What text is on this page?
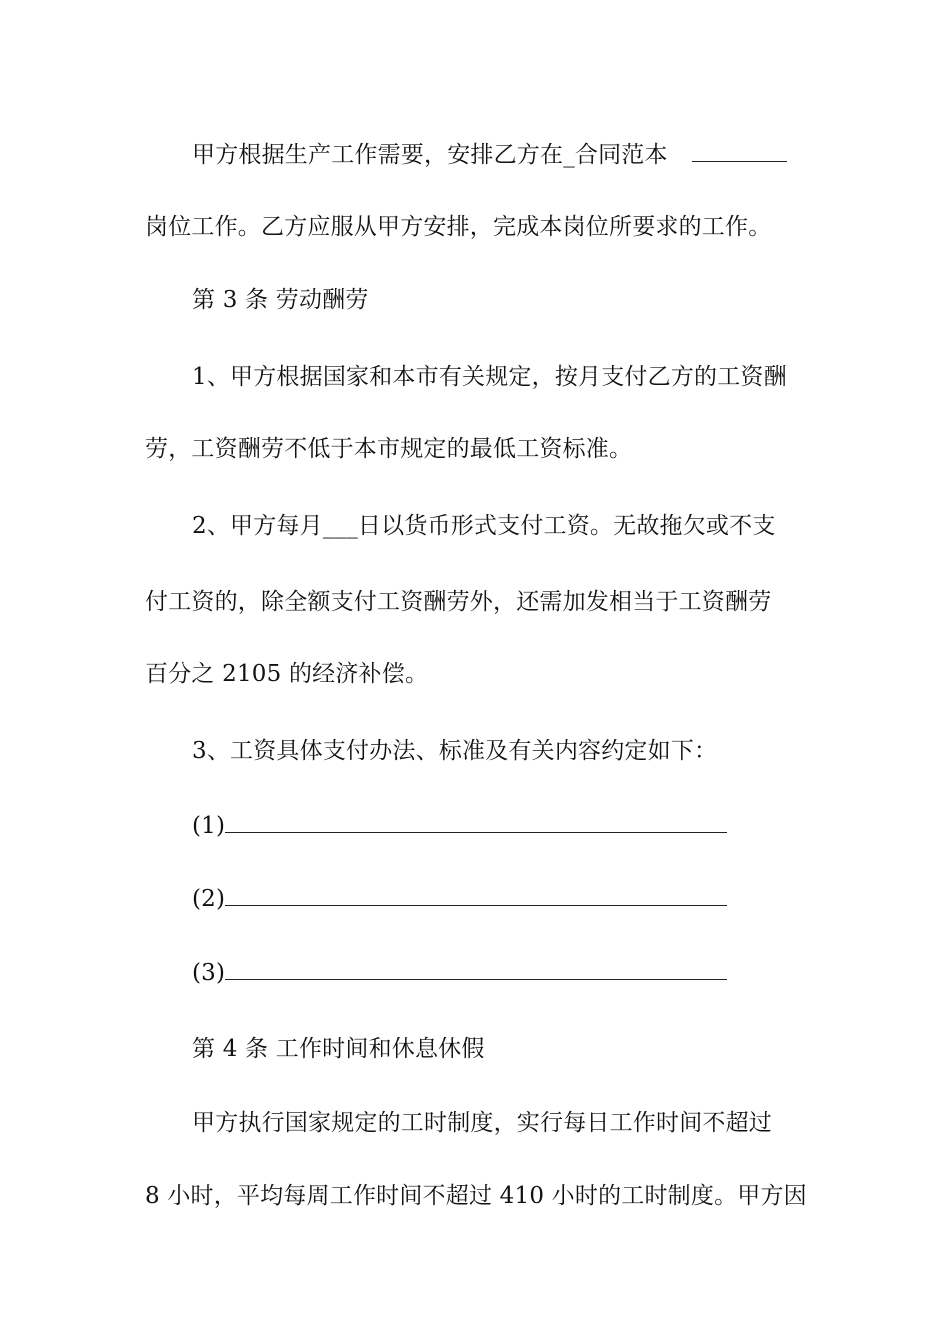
甲方根据生产工作需要，安排乙方在_合同范本
岗位工作。乙方应服从甲方安排，完成本岗位所要求的工作。
第 3 条 劳动酬劳
1、甲方根据国家和本市有关规定，按月支付乙方的工资酬
劳，工资酬劳不低于本市规定的最低工资标准。
2、甲方每月___日以货币形式支付工资。无故拖欠或不支
付工资的，除全额支付工资酬劳外，还需加发相当于工资酬劳
百分之 2105 的经济补偿。
3、工资具体支付办法、标准及有关内容约定如下：
(1)
(2)
(3)
第 4 条 工作时间和休息休假
甲方执行国家规定的工时制度，实行每日工作时间不超过
8 小时，平均每周工作时间不超过 410 小时的工时制度。甲方因
